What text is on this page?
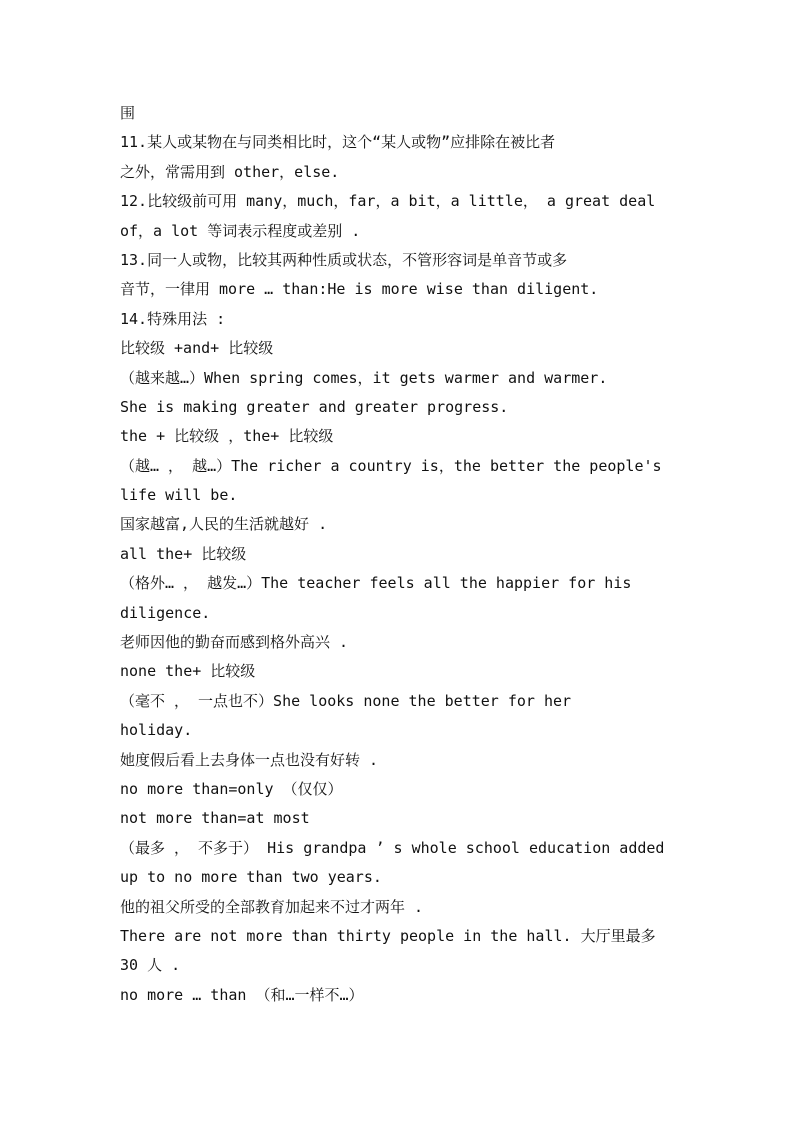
围
11.某人或某物在与同类相比时，这个“某人或物”应排除在被比者
之外，常需用到 other，else.
12.比较级前可用 many，much，far，a bit，a little， a great deal
of，a lot 等词表示程度或差别 .
13.同一人或物，比较其两种性质或状态，不管形容词是单音节或多
音节，一律用 more … than:He is more wise than diligent.
14.特殊用法 :
比较级 +and+ 比较级
（越来越…）When spring comes，it gets warmer and warmer.
She is making greater and greater progress.
the + 比较级 ，the+ 比较级
（越… ， 越…）The richer a country is，the better the people's
life will be.
国家越富,人民的生活就越好 .
all the+ 比较级
（格外… ， 越发…）The teacher feels all the happier for his
diligence.
老师因他的勤奋而感到格外高兴 .
none the+ 比较级
（毫不 ， 一点也不）She looks none the better for her
holiday.
她度假后看上去身体一点也没有好转 .
no more than=only （仅仅）
not more than=at most
（最多 ， 不多于） His grandpa ’ s whole school education added
up to no more than two years.
他的祖父所受的全部教育加起来不过才两年 .
There are not more than thirty people in the hall. 大厅里最多
30 人 .
no more … than （和…一样不…）
